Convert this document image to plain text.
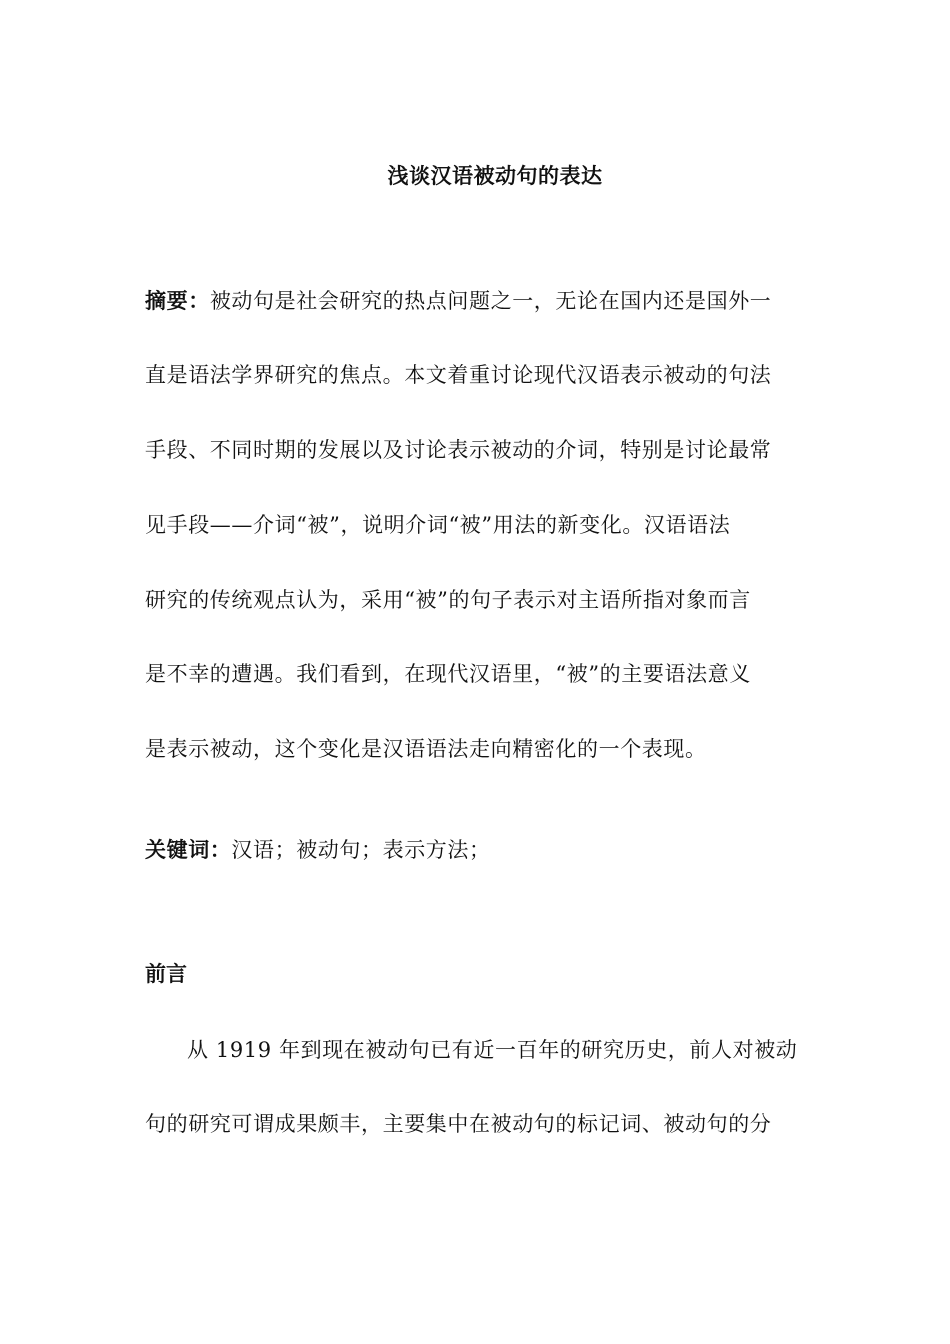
浅谈汉语被动句的表达
摘要：被动句是社会研究的热点问题之一，无论在国内还是国外一
直是语法学界研究的焦点。本文着重讨论现代汉语表示被动的句法
手段、不同时期的发展以及讨论表示被动的介词，特别是讨论最常
见手段——介词“被”，说明介词“被”用法的新变化。汉语语法
研究的传统观点认为，采用“被”的句子表示对主语所指对象而言
是不幸的遭遇。我们看到，在现代汉语里，“被”的主要语法意义
是表示被动，这个变化是汉语语法走向精密化的一个表现。
关键词：汉语；被动句；表示方法；
前言
从 1919 年到现在被动句已有近一百年的研究历史，前人对被动
句的研究可谓成果颇丰，主要集中在被动句的标记词、被动句的分
